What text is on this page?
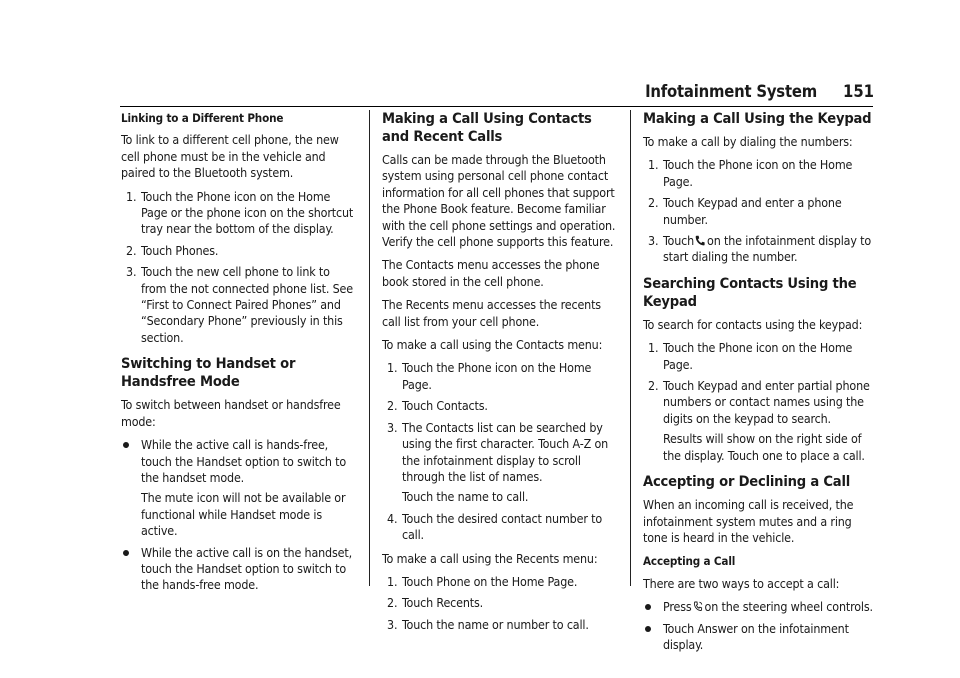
Infotainment System 151
Linking to a Different Phone

To link to a different cell phone, the new cell phone must be in the vehicle and paired to the Bluetooth system.

1. Touch the Phone icon on the Home Page or the phone icon on the shortcut tray near the bottom of the display.
2. Touch Phones.
3. Touch the new cell phone to link to from the not connected phone list. See “First to Connect Paired Phones” and “Secondary Phone” previously in this section.
Switching to Handset or Handsfree Mode

To switch between handset or handsfree mode:

While the active call is hands-free, touch the Handset option to switch to the handset mode.
The mute icon will not be available or functional while Handset mode is active.
While the active call is on the handset, touch the Handset option to switch to the hands-free mode.
Making a Call Using Contacts and Recent Calls

Calls can be made through the Bluetooth system using personal cell phone contact information for all cell phones that support the Phone Book feature. Become familiar with the cell phone settings and operation. Verify the cell phone supports this feature.

The Contacts menu accesses the phone book stored in the cell phone.

The Recents menu accesses the recents call list from your cell phone.

To make a call using the Contacts menu:

1. Touch the Phone icon on the Home Page.
2. Touch Contacts.
3. The Contacts list can be searched by using the first character. Touch A-Z on the infotainment display to scroll through the list of names.
Touch the name to call.
4. Touch the desired contact number to call.

To make a call using the Recents menu:

1. Touch Phone on the Home Page.
2. Touch Recents.
3. Touch the name or number to call.
Making a Call Using the Keypad

To make a call by dialing the numbers:

1. Touch the Phone icon on the Home Page.
2. Touch Keypad and enter a phone number.
3. Touch on the infotainment display to start dialing the number.
Searching Contacts Using the Keypad

To search for contacts using the keypad:

1. Touch the Phone icon on the Home Page.
2. Touch Keypad and enter partial phone numbers or contact names using the digits on the keypad to search.
Results will show on the right side of the display. Touch one to place a call.
Accepting or Declining a Call

When an incoming call is received, the infotainment system mutes and a ring tone is heard in the vehicle.

Accepting a Call

There are two ways to accept a call:

Press on the steering wheel controls.
Touch Answer on the infotainment display.
